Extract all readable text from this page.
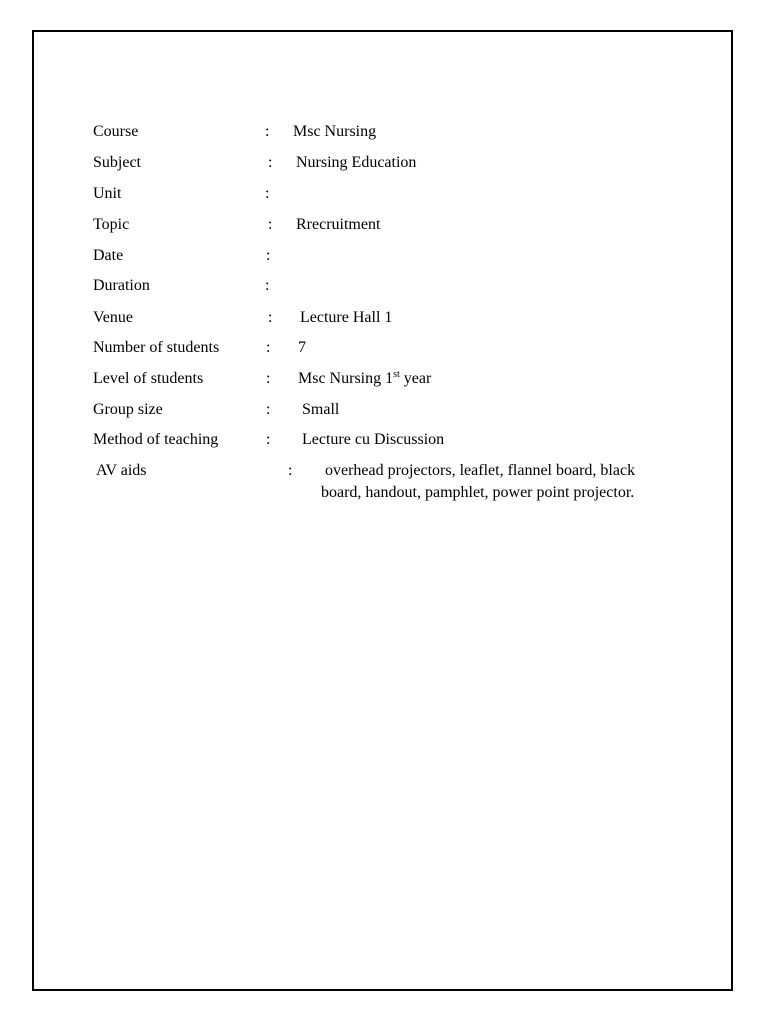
Course	: Msc Nursing
Subject	: Nursing Education
Unit	:
Topic	: Rrecruitment
Date	:
Duration	:
Venue	: Lecture Hall 1
Number of students	: 7
Level of students	: Msc Nursing 1st year
Group size	: Small
Method of teaching	: Lecture cu Discussion
AV aids	: overhead projectors, leaflet, flannel board, black
board, handout, pamphlet, power point projector.
